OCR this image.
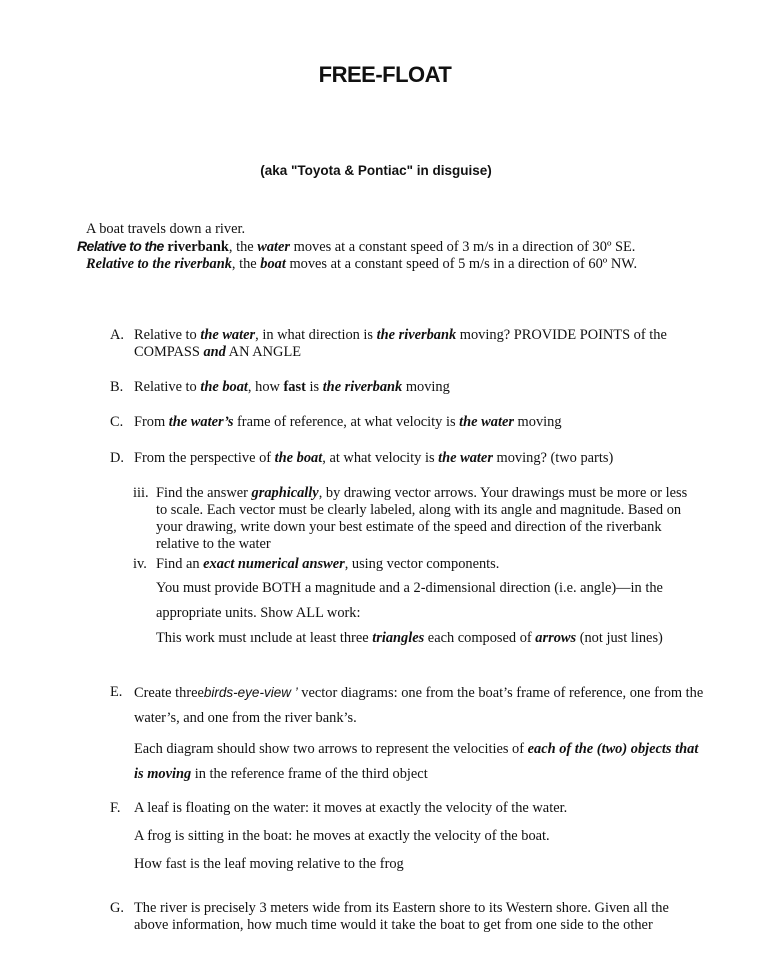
FREE-FLOAT
(aka "Toyota & Pontiac" in disguise)

A boat travels down a river.

Relative to the riverbank, the water moves at a constant speed of 3 m/s in a direction of 30º SE.

Relative to the riverbank, the boat moves at a constant speed of 5 m/s in a direction of 60º NW.

A. Relative to the water, in what direction is the riverbank moving? PROVIDE POINTS of the COMPASS and AN ANGLE
B. Relative to the boat, how fast is the riverbank moving
C. From the water’s frame of reference, at what velocity is the water moving
D. From the perspective of the boat, at what velocity is the water moving? (two parts)
iii. Find the answer graphically, by drawing vector arrows. Your drawings must be more or less to scale. Each vector must be clearly labeled, along with its angle and magnitude. Based on your drawing, write down your best estimate of the speed and direction of the riverbank relative to the water
iv. Find an exact numerical answer, using vector components.
You must provide BOTH a magnitude and a 2-dimensional direction (i.e. angle)—in the appropriate units. Show ALL work:
This work must ınclude at least three triangles each composed of arrows (not just lines)
E. Create threebirds-eye-view ’ vector diagrams: one from the boat’s frame of reference, one from the water’s, and one from the river bank’s.
Each diagram should show two arrows to represent the velocities of each of the (two) objects that is moving in the reference frame of the third object
F. A leaf is floating on the water: it moves at exactly the velocity of the water.
A frog is sitting in the boat: he moves at exactly the velocity of the boat.
How fast is the leaf moving relative to the frog
G. The river is precisely 3 meters wide from its Eastern shore to its Western shore. Given all the above information, how much time would it take the boat to get from one side to the other
